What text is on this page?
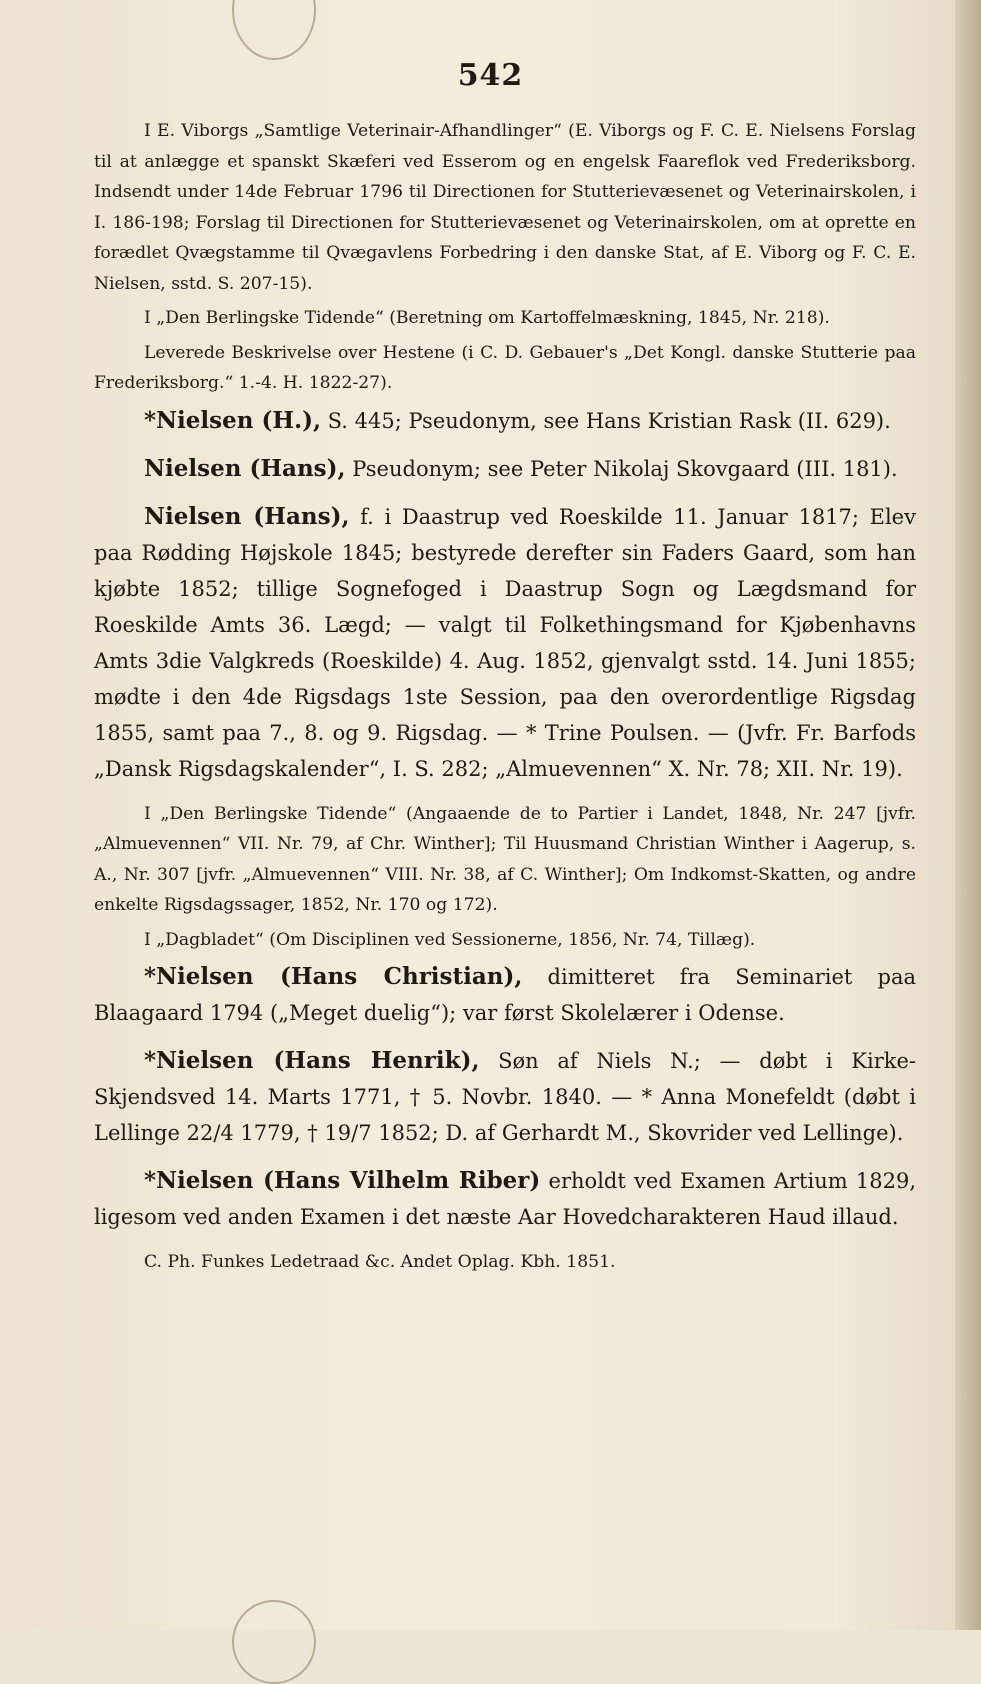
542

I E. Viborgs „Samtlige Veterinair-Afhandlinger“ (E. Viborgs og F. C. E. Nielsens Forslag til at anlægge et spanskt Skæferi ved Esserom og en engelsk Faareflok ved Frederiksborg. Indsendt under 14de Februar 1796 til Directionen for Stutterievæsenet og Veterinairskolen, i I. 186-198; Forslag til Directionen for Stutterievæsenet og Veterinairskolen, om at oprette en forædlet Qvægstamme til Qvægavlens Forbedring i den danske Stat, af E. Viborg og F. C. E. Nielsen, sstd. S. 207-15).

I „Den Berlingske Tidende“ (Beretning om Kartoffelmæskning, 1845, Nr. 218).

Leverede Beskrivelse over Hestene (i C. D. Gebauer's „Det Kongl. danske Stutterie paa Frederiksborg.“ 1.-4. H. 1822-27).

*Nielsen (H.), S. 445; Pseudonym, see Hans Kristian Rask (II. 629).

Nielsen (Hans), Pseudonym; see Peter Nikolaj Skovgaard (III. 181).

Nielsen (Hans), f. i Daastrup ved Roeskilde 11. Januar 1817; Elev paa Rødding Højskole 1845; bestyrede derefter sin Faders Gaard, som han kjøbte 1852; tillige Sognefoged i Daastrup Sogn og Lægdsmand for Roeskilde Amts 36. Lægd; — valgt til Folkethingsmand for Kjøbenhavns Amts 3die Valgkreds (Roeskilde) 4. Aug. 1852, gjenvalgt sstd. 14. Juni 1855; mødte i den 4de Rigsdags 1ste Session, paa den overordentlige Rigsdag 1855, samt paa 7., 8. og 9. Rigsdag. — * Trine Poulsen. — (Jvfr. Fr. Barfods „Dansk Rigsdagskalender“, I. S. 282; „Almuevennen“ X. Nr. 78; XII. Nr. 19).

I „Den Berlingske Tidende“ (Angaaende de to Partier i Landet, 1848, Nr. 247 [jvfr. „Almuevennen“ VII. Nr. 79, af Chr. Winther]; Til Huusmand Christian Winther i Aagerup, s. A., Nr. 307 [jvfr. „Almuevennen“ VIII. Nr. 38, af C. Winther]; Om Indkomst-Skatten, og andre enkelte Rigsdagssager, 1852, Nr. 170 og 172).

I „Dagbladet“ (Om Disciplinen ved Sessionerne, 1856, Nr. 74, Tillæg).

*Nielsen (Hans Christian), dimitteret fra Seminariet paa Blaagaard 1794 („Meget duelig“); var først Skolelærer i Odense.

*Nielsen (Hans Henrik), Søn af Niels N.; — døbt i Kirke-Skjendsved 14. Marts 1771, † 5. Novbr. 1840. — * Anna Monefeldt (døbt i Lellinge 22/4 1779, † 19/7 1852; D. af Gerhardt M., Skovrider ved Lellinge).

*Nielsen (Hans Vilhelm Riber) erholdt ved Examen Artium 1829, ligesom ved anden Examen i det næste Aar Hovedcharakteren Haud illaud.

C. Ph. Funkes Ledetraad &c. Andet Oplag. Kbh. 1851.
